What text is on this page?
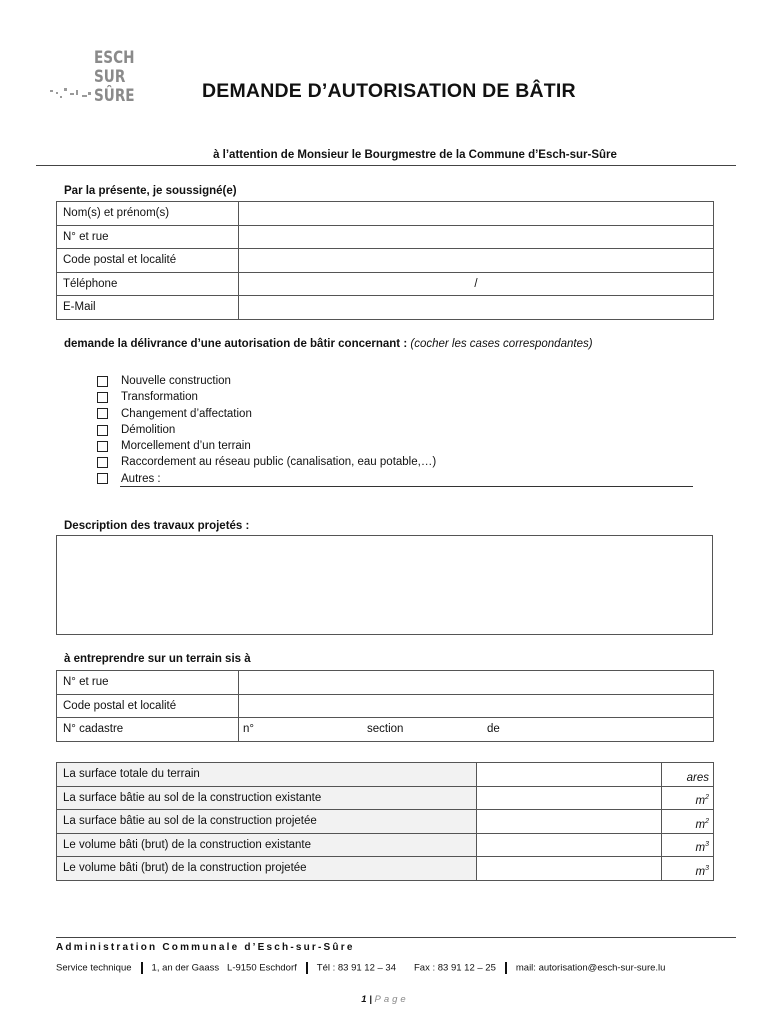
ESCH
SUR
SÛRE	DEMANDE D’AUTORISATION DE BÂTIR
à l’attention de Monsieur le Bourgmestre de la Commune d’Esch-sur-Sûre
Par la présente, je soussigné(e)
Nom(s) et prénom(s)	
N° et rue	
Code postal et localité	
Téléphone	/
E-Mail	
demande la délivrance d’une autorisation de bâtir concernant : (cocher les cases correspondantes)
Nouvelle construction
Transformation
Changement d’affectation
Démolition
Morcellement d’un terrain
Raccordement au réseau public (canalisation, eau potable,…)
Autres :
Description des travaux projetés :
à entreprendre sur un terrain sis à
N° et rue	
Code postal et localité	
N° cadastre	n° section de
La surface totale du terrain		ares
La surface bâtie au sol de la construction existante		$m^2$
La surface bâtie au sol de la construction projetée		$m^2$
Le volume bâti (brut) de la construction existante		$m^3$
Le volume bâti (brut) de la construction projetée		$m^3$
Administration Communale d’Esch-sur-Sûre
Service technique 1, an der Gaass   L-9150 Eschdorf Tél : 83 91 12 – 34 Fax : 83 91 12 – 25 mail: autorisation@esch-sur-sure.lu
1 | Page
